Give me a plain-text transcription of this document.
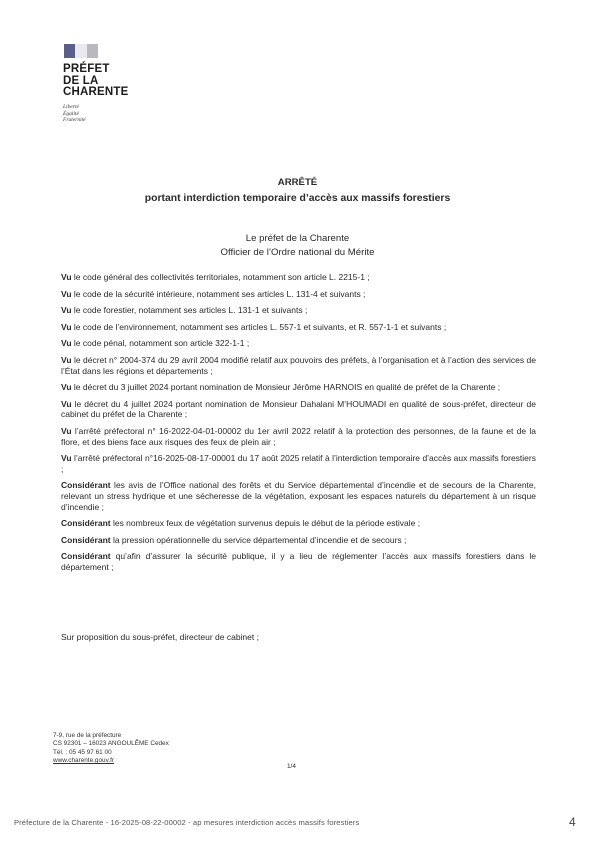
PRÉFET
DE LA
CHARENTE
Liberté
Égalité
Fraternité
ARRÊTÉ
portant interdiction temporaire d’accès aux massifs forestiers
Le préfet de la Charente
Officier de l’Ordre national du Mérite

Vu le code général des collectivités territoriales, notamment son article L. 2215-1 ;

Vu le code de la sécurité intérieure, notamment ses articles L. 131-4 et suivants ;

Vu le code forestier, notamment ses articles L. 131-1 et suivants ;

Vu le code de l’environnement, notamment ses articles L. 557-1 et suivants, et R. 557-1-1 et suivants ;

Vu le code pénal, notamment son article 322-1-1 ;

Vu le décret n° 2004-374 du 29 avril 2004 modifié relatif aux pouvoirs des préfets, à l’organisation et à l’action des services de l’État dans les régions et départements ;

Vu le décret du 3 juillet 2024 portant nomination de Monsieur Jérôme HARNOIS en qualité de préfet de la Charente ;

Vu le décret du 4 juillet 2024 portant nomination de Monsieur Dahalani M’HOUMADI en qualité de sous-préfet, directeur de cabinet du préfet de la Charente ;

Vu l’arrêté préfectoral n° 16-2022-04-01-00002 du 1er avril 2022 relatif à la protection des personnes, de la faune et de la flore, et des biens face aux risques des feux de plein air ;

Vu l’arrêté préfectoral n°16-2025-08-17-00001 du 17 août 2025 relatif à l’interdiction temporaire d’accès aux massifs forestiers ;

Considérant les avis de l’Office national des forêts et du Service départemental d’incendie et de secours de la Charente, relevant un stress hydrique et une sécheresse de la végétation, exposant les espaces naturels du département à un risque d’incendie ;

Considérant les nombreux feux de végétation survenus depuis le début de la période estivale ;

Considérant la pression opérationnelle du service départemental d’incendie et de secours ;

Considérant qu’afin d’assurer la sécurité publique, il y a lieu de réglementer l’accès aux massifs forestiers dans le département ;

Sur proposition du sous-préfet, directeur de cabinet ;
7-9, rue de la préfecture
CS 92301 – 16023 ANGOULÊME Cedex
Tél. : 05 45 97 61 00
www.charente.gouv.fr
1/4
Préfecture de la Charente - 16-2025-08-22-00002 - ap mesures interdiction accès massifs forestiers	4
